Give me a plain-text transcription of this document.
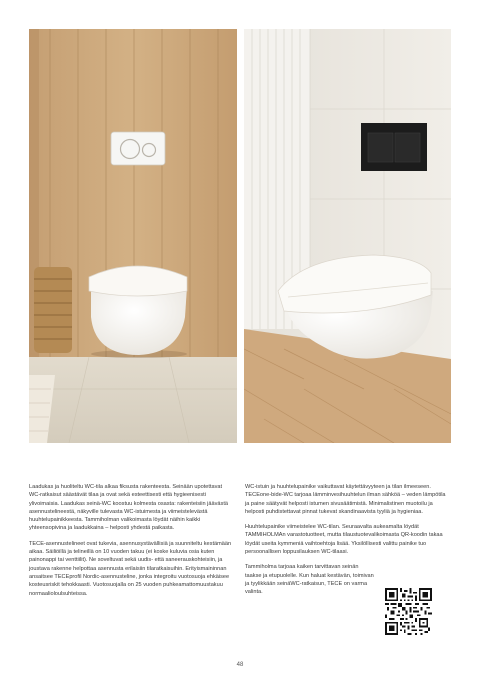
Laadukas ja huoliteltu WC-tila alkaa fiksusta rakenteesta. Seinään upotettavat WC-ratkaisut säästävät tilaa ja ovat sekä esteettisesti että hygieenisesti ylivoimaisia. Laadukas seinä-WC koostuu kolmesta osasta: rakenteisiin jäävästä asennustelineestä, näkyville tulevasta WC-istuimesta ja viimeistelevästä huuhtelupainikkeesta. Tammiholman valikoimasta löydät näihin kaikki yhteensopivina ja laadukkaina – helposti yhdestä paikasta.

TECE-asennustelineet ovat tukevia, asennusystävällisiä ja suunniteltu kestämään aikaa. Säiliöillä ja telineillä on 10 vuoden takuu (ei koske kuluvia osia kuten painonappi tai venttiilit). Ne soveltuvat sekä uudis- että saneerauskohteisiin, ja joustava rakenne helpottaa asennusta erilaisiin tilaratkaisuihin. Erityismaininnan ansaitsee TECEprofil Nordic-asennusteline, jonka integroitu vuotosuoja ehkäisee kosteusriskit tehokkaasti. Vuotosuojalla on 25 vuoden puhkeamattomuustakuu normaalioloulsuhteissa.

WC-istuin ja huuhtelupainike vaikuttavat käytettävyyteen ja tilan ilmeeseen. TECEone-bide-WC tarjoaa lämminvesihuuhtelun ilman sähköä – veden lämpötila ja paine säätyvät helposti istumen sivusäätimistä. Minimalistinen muotoilu ja helposti puhdistettavat pinnat tukevat skandinaavista tyyliä ja hygieniaa.

Huuhtelupainike viimeistelee WC-tilan. Seuraavalta aukeamalta löydät TAMMIHOLMAn varastotuotteet, mutta tilaustuotevalikoimasta QR-koodin takaa löydät useita kymmeniä vaihtoehtoja lisää. Yksilöllisesti valittu painike tuo persoonallisen loppusilauksen WC-tilaasi.

Tammiholma tarjoaa kaiken tarvittavan seinän taakse ja etupuolelle. Kun haluat kestävän, toimivan ja tyylikkään seinäWC-ratkaisun, TECE on varma valinta.

48
